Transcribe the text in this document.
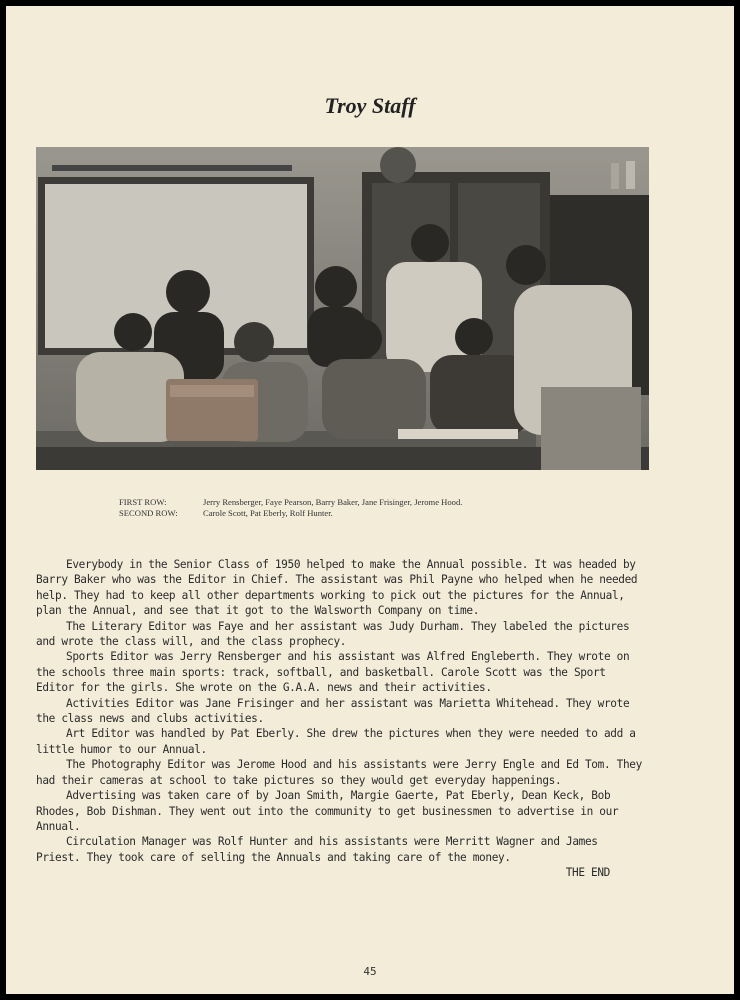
Troy Staff
FIRST ROW:	Jerry Rensberger, Faye Pearson, Barry Baker, Jane Frisinger, Jerome Hood.
SECOND ROW:	Carole Scott, Pat Eberly, Rolf Hunter.

Everybody in the Senior Class of 1950 helped to make the Annual possible. It was headed by Barry Baker who was the Editor in Chief. The assistant was Phil Payne who helped when he needed help. They had to keep all other departments working to pick out the pictures for the Annual, plan the Annual, and see that it got to the Walsworth Company on time.

The Literary Editor was Faye and her assistant was Judy Durham. They labeled the pictures and wrote the class will, and the class prophecy.

Sports Editor was Jerry Rensberger and his assistant was Alfred Engleberth. They wrote on the schools three main sports: track, softball, and basketball. Carole Scott was the Sport Editor for the girls. She wrote on the G.A.A. news and their activities.

Activities Editor was Jane Frisinger and her assistant was Marietta Whitehead. They wrote the class news and clubs activities.

Art Editor was handled by Pat Eberly. She drew the pictures when they were needed to add a little humor to our Annual.

The Photography Editor was Jerome Hood and his assistants were Jerry Engle and Ed Tom. They had their cameras at school to take pictures so they would get everyday happenings.

Advertising was taken care of by Joan Smith, Margie Gaerte, Pat Eberly, Dean Keck, Bob Rhodes, Bob Dishman. They went out into the community to get businessmen to advertise in our Annual.

Circulation Manager was Rolf Hunter and his assistants were Merritt Wagner and James Priest. They took care of selling the Annuals and taking care of the money.

THE END

45
